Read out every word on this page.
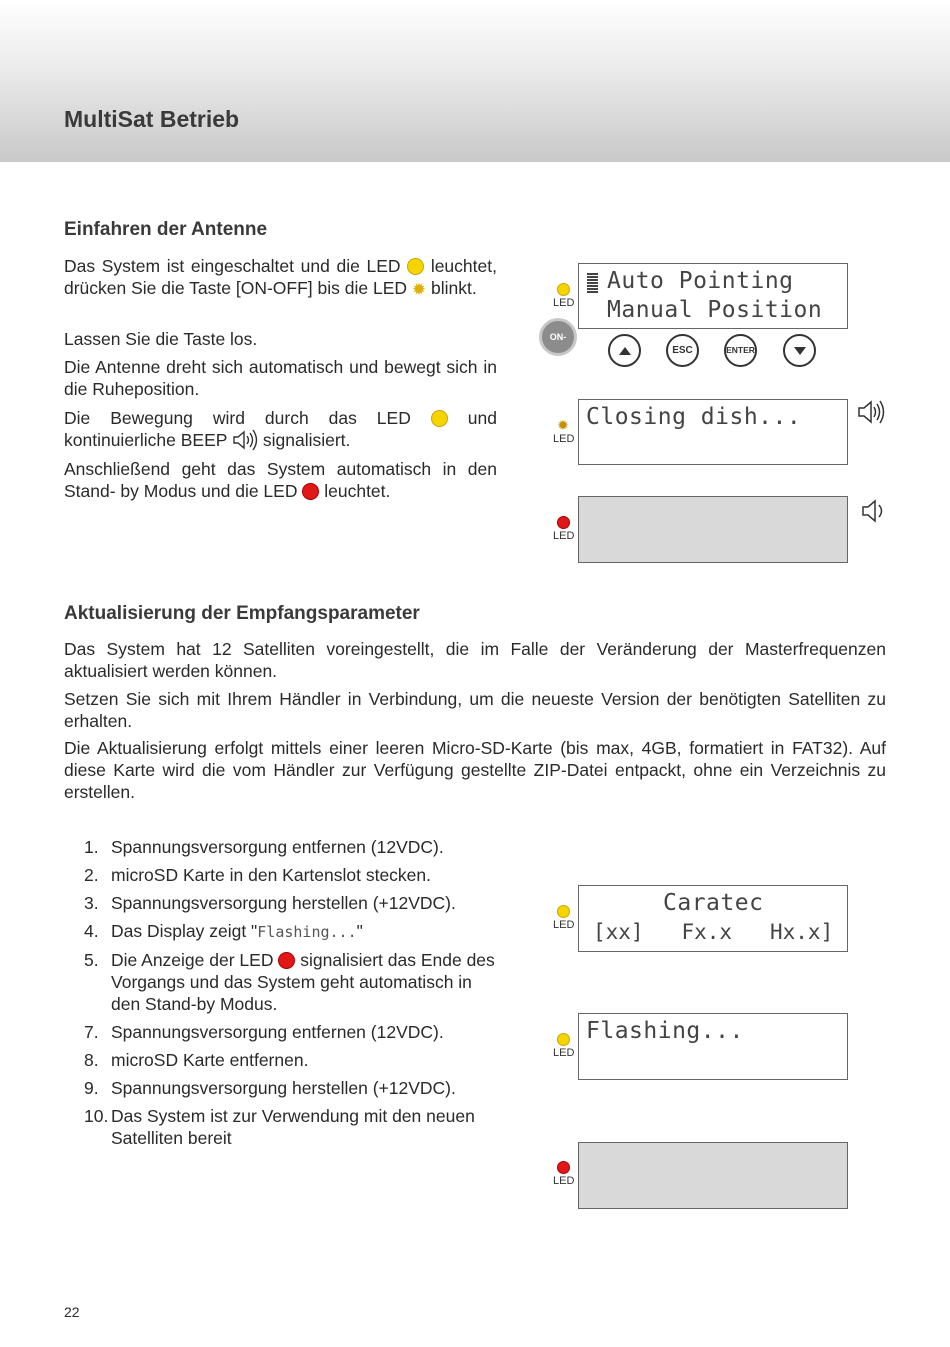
MultiSat Betrieb
Einfahren der Antenne

Das System ist eingeschaltet und die LED leuchtet, drücken Sie die Taste [ON-OFF] bis die LED ✹ blinkt.

Lassen Sie die Taste los.

Die Antenne dreht sich automatisch und bewegt sich in die Ruheposition.

Die Bewegung wird durch das LED	und kontinuierliche BEEP signalisiert.

Anschließend geht das System automatisch in den Stand- by Modus und die LED leuchtet.

LED
Auto Pointing
Manual Position
ON-OFF
ESC	ENTER
✹
LED
Closing dish...
LED
Aktualisierung der Empfangsparameter

Das System hat 12 Satelliten voreingestellt, die im Falle der Veränderung der Masterfrequenzen aktualisiert werden können.

Setzen Sie sich mit Ihrem Händler in Verbindung, um die neueste Version der benötigten Satelliten zu erhalten.

Die Aktualisierung erfolgt mittels einer leeren Micro-SD-Karte (bis max, 4GB, formatiert in FAT32). Auf diese Karte wird die vom Händler zur Verfügung gestellte ZIP-Datei entpackt, ohne ein Verzeichnis zu erstellen.

1. Spannungsversorgung entfernen (12VDC).
2. microSD Karte in den Kartenslot stecken.
3. Spannungsversorgung herstellen (+12VDC).
4. Das Display zeigt "Flashing..."
5. Die Anzeige der LED signalisiert das Ende des Vorgangs und das System geht automatisch in den Stand-by Modus.
7. Spannungsversorgung entfernen (12VDC).
8. microSD Karte entfernen.
9. Spannungsversorgung herstellen (+12VDC).
10. Das System ist zur Verwendung mit den neuen Satelliten bereit
LED
Caratec
[xx]   Fx.x   Hx.x]
LED
Flashing...
LED
22
